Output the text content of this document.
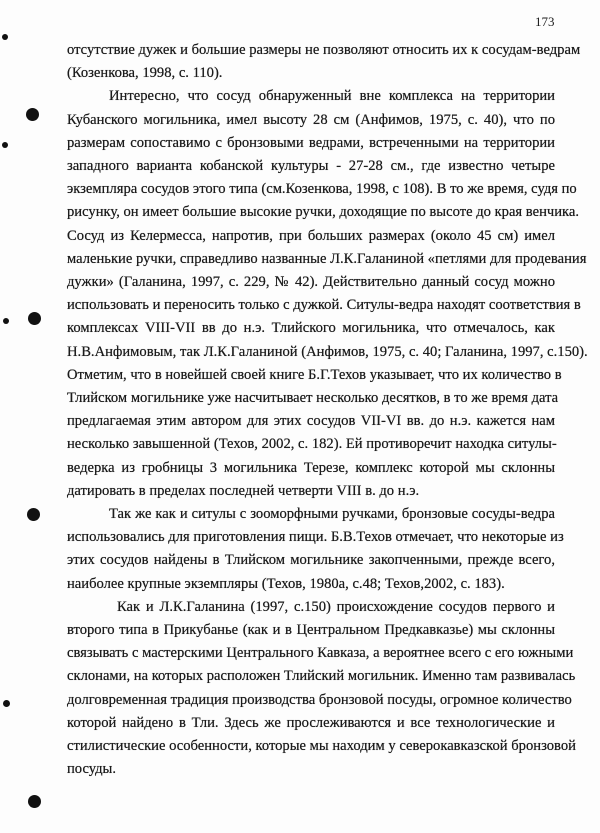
173
отсутствие дужек и большие размеры не позволяют относить их к сосудам-ведрам
(Козенкова, 1998, с. 110).
Интересно, что сосуд обнаруженный вне комплекса на территории
Кубанского могильника, имел высоту 28 см (Анфимов, 1975, с. 40), что по
размерам сопоставимо с бронзовыми ведрами, встреченными на территории
западного варианта кобанской культуры - 27-28 см., где известно четыре
экземпляра сосудов этого типа (см.Козенкова, 1998, с 108). В то же время, судя по
рисунку, он имеет большие высокие ручки, доходящие по высоте до края венчика.
Сосуд из Келермесса, напротив, при больших размерах (около 45 см) имел
маленькие ручки, справедливо названные Л.К.Галаниной «петлями для продевания
дужки» (Галанина, 1997, с. 229, № 42). Действительно данный сосуд можно
использовать и переносить только с дужкой. Ситулы-ведра находят соответствия в
комплексах VIII-VII вв до н.э. Тлийского могильника, что отмечалось, как
Н.В.Анфимовым, так Л.К.Галаниной (Анфимов, 1975, с. 40; Галанина, 1997, с.150).
Отметим, что в новейшей своей книге Б.Г.Техов указывает, что их количество в
Тлийском могильнике уже насчитывает несколько десятков, в то же время дата
предлагаемая этим автором для этих сосудов VII-VI вв. до н.э. кажется нам
несколько завышенной (Техов, 2002, с. 182). Ей противоречит находка ситулы-
ведерка из гробницы 3 могильника Терезе, комплекс которой мы склонны
датировать в пределах последней четверти VIII в. до н.э.
Так же как и ситулы с зооморфными ручками, бронзовые сосуды-ведра
использовались для приготовления пищи. Б.В.Техов отмечает, что некоторые из
этих сосудов найдены в Тлийском могильнике закопченными, прежде всего,
наиболее крупные экземпляры (Техов, 1980а, с.48; Техов,2002, с. 183).
Как и Л.К.Галанина (1997, с.150) происхождение сосудов первого и
второго типа в Прикубанье (как и в Центральном Предкавказье) мы склонны
связывать с мастерскими Центрального Кавказа, а вероятнее всего с его южными
склонами, на которых расположен Тлийский могильник. Именно там развивалась
долговременная традиция производства бронзовой посуды, огромное количество
которой найдено в Тли. Здесь же прослеживаются и все технологические и
стилистические особенности, которые мы находим у северокавказской бронзовой
посуды.
